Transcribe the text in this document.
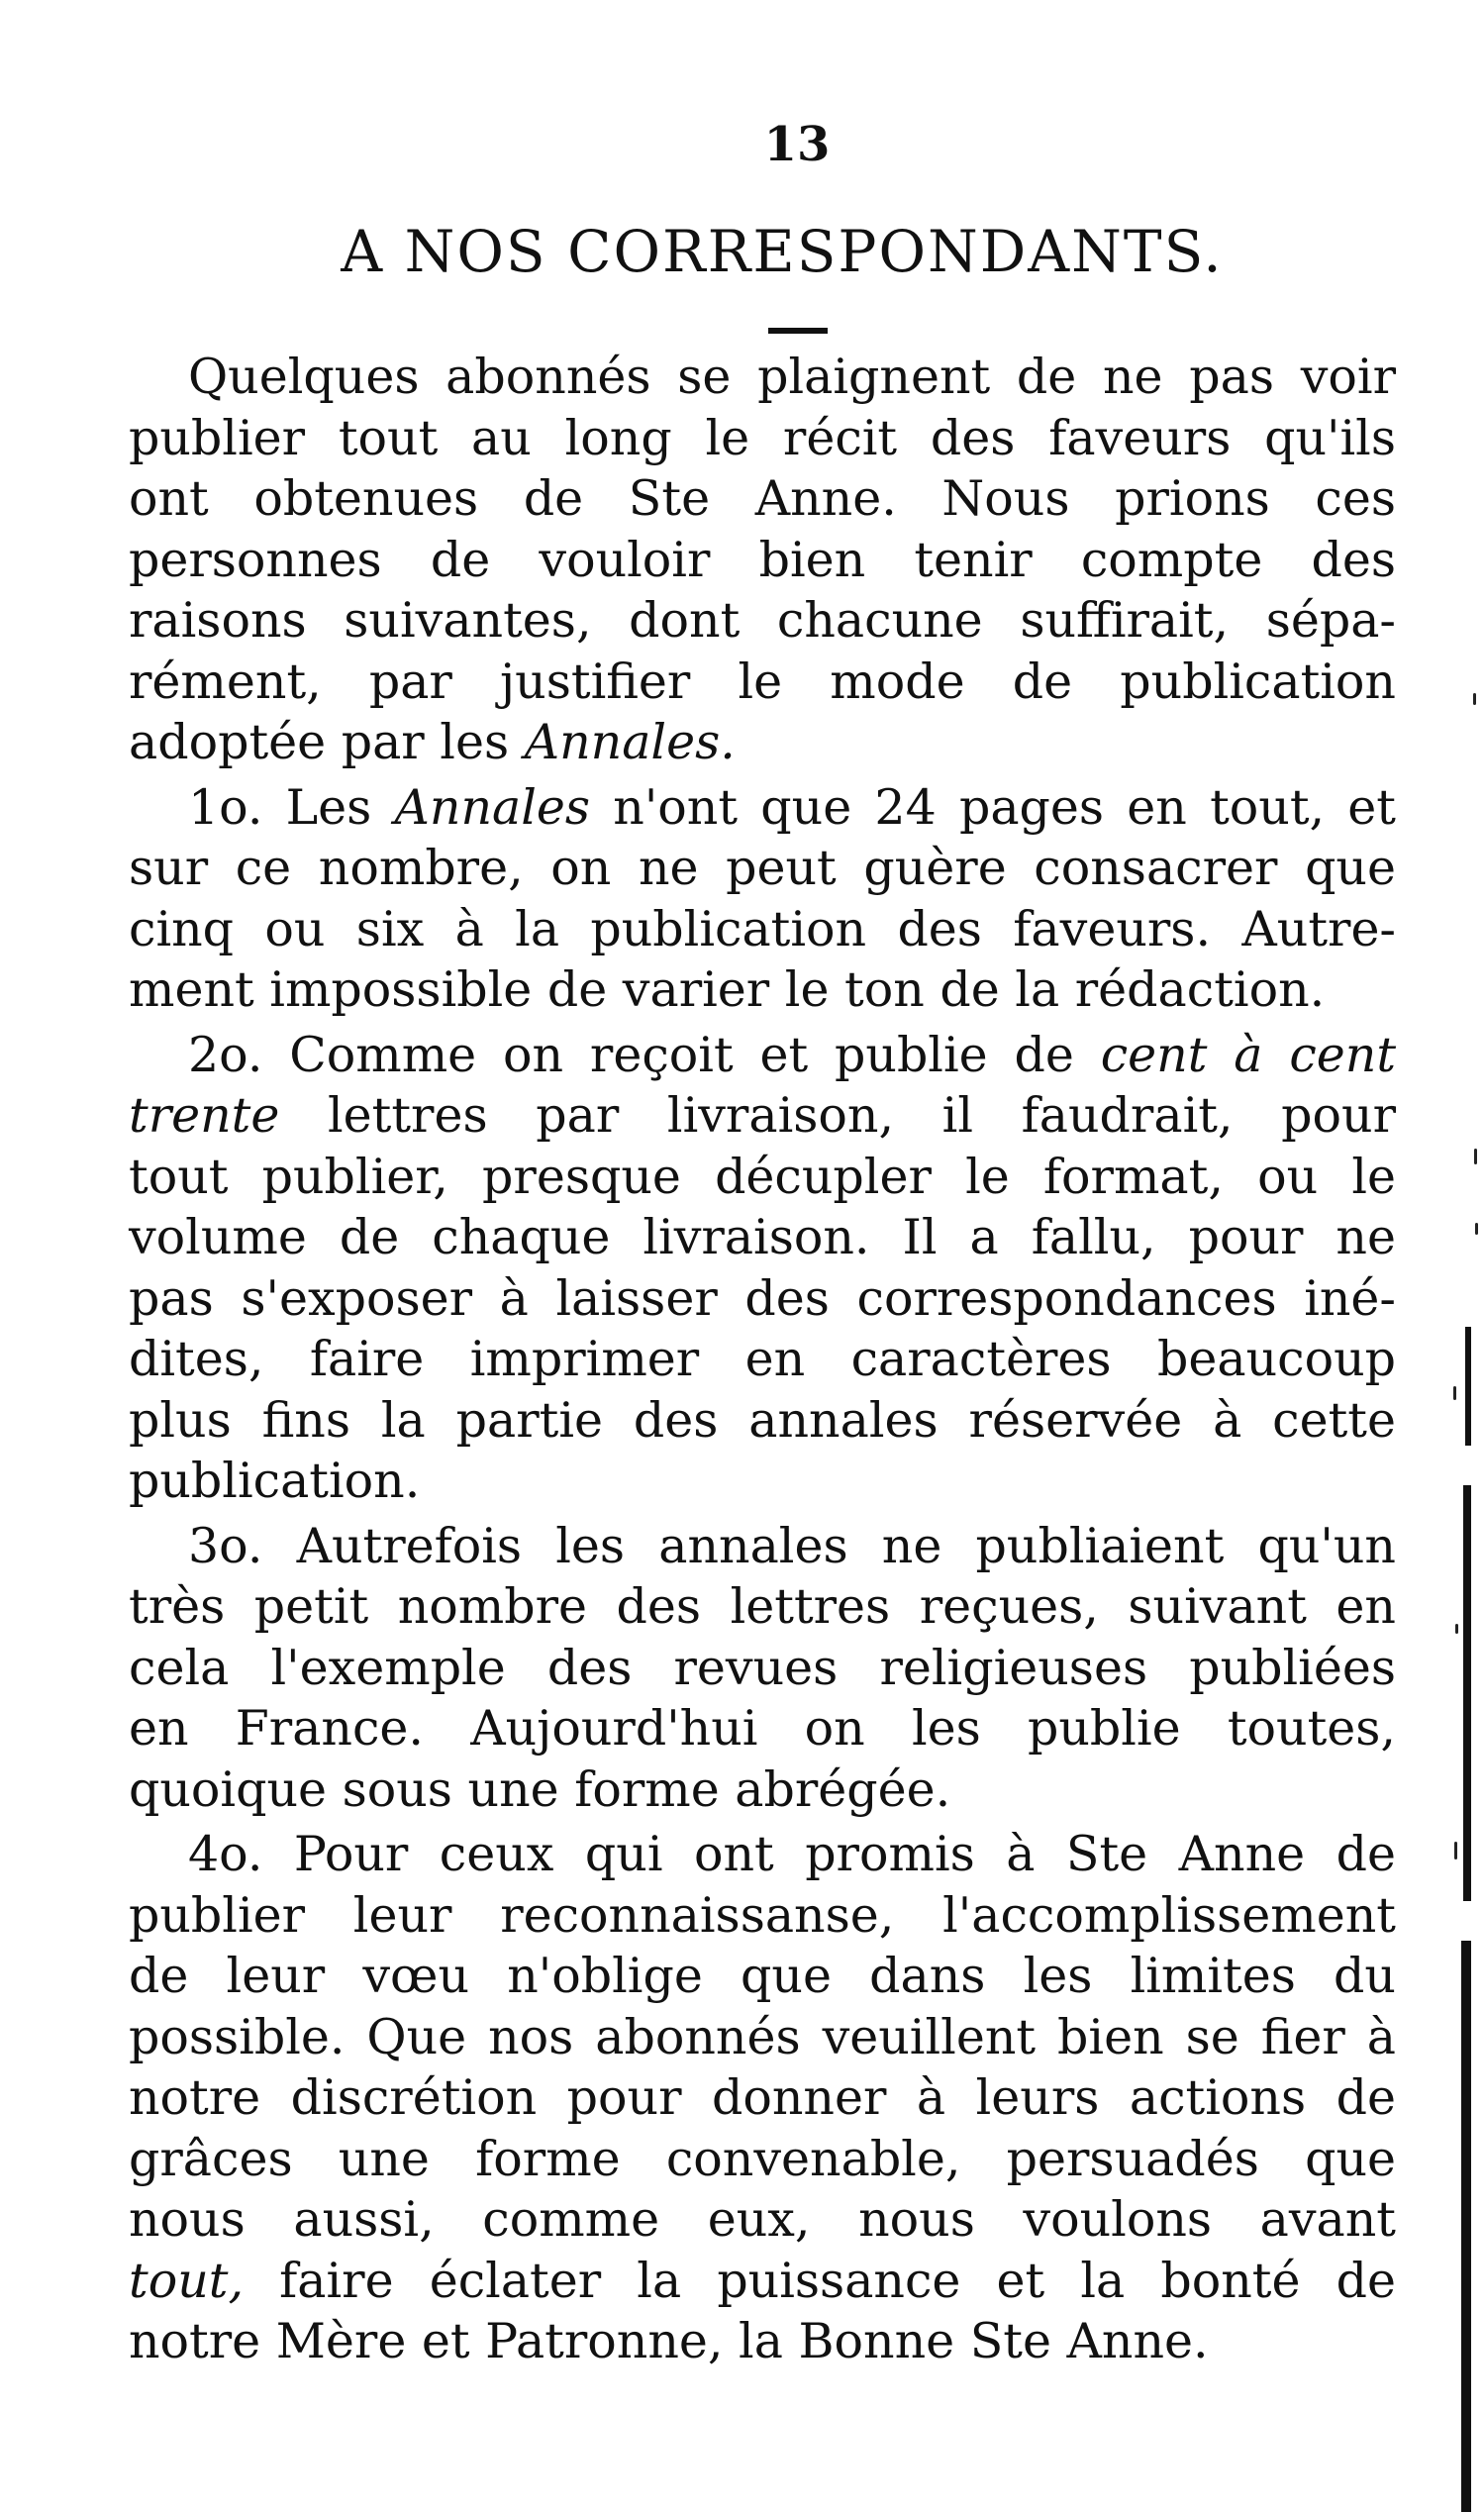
13
A NOS CORRESPONDANTS.
Quelques abonnés se plaignent de ne pas voir
publier tout au long le récit des faveurs qu'ils
ont obtenues de Ste Anne. Nous prions ces
personnes de vouloir bien tenir compte des
raisons suivantes, dont chacune suffirait, sépa-
rément, par justifier le mode de publication
adoptée par les Annales.
1o. Les Annales n'ont que 24 pages en tout, et
sur ce nombre, on ne peut guère consacrer que
cinq ou six à la publication des faveurs. Autre-
ment impossible de varier le ton de la rédaction.
2o. Comme on reçoit et publie de cent à cent
trente lettres par livraison, il faudrait, pour
tout publier, presque décupler le format, ou le
volume de chaque livraison. Il a fallu, pour ne
pas s'exposer à laisser des correspondances iné-
dites, faire imprimer en caractères beaucoup
plus fins la partie des annales réservée à cette
publication.
3o. Autrefois les annales ne publiaient qu'un
très petit nombre des lettres reçues, suivant en
cela l'exemple des revues religieuses publiées
en France. Aujourd'hui on les publie toutes,
quoique sous une forme abrégée.
4o. Pour ceux qui ont promis à Ste Anne de
publier leur reconnaissanse, l'accomplissement
de leur vœu n'oblige que dans les limites du
possible. Que nos abonnés veuillent bien se fier à
notre discrétion pour donner à leurs actions de
grâces une forme convenable, persuadés que
nous aussi, comme eux, nous voulons avant
tout, faire éclater la puissance et la bonté de
notre Mère et Patronne, la Bonne Ste Anne.
